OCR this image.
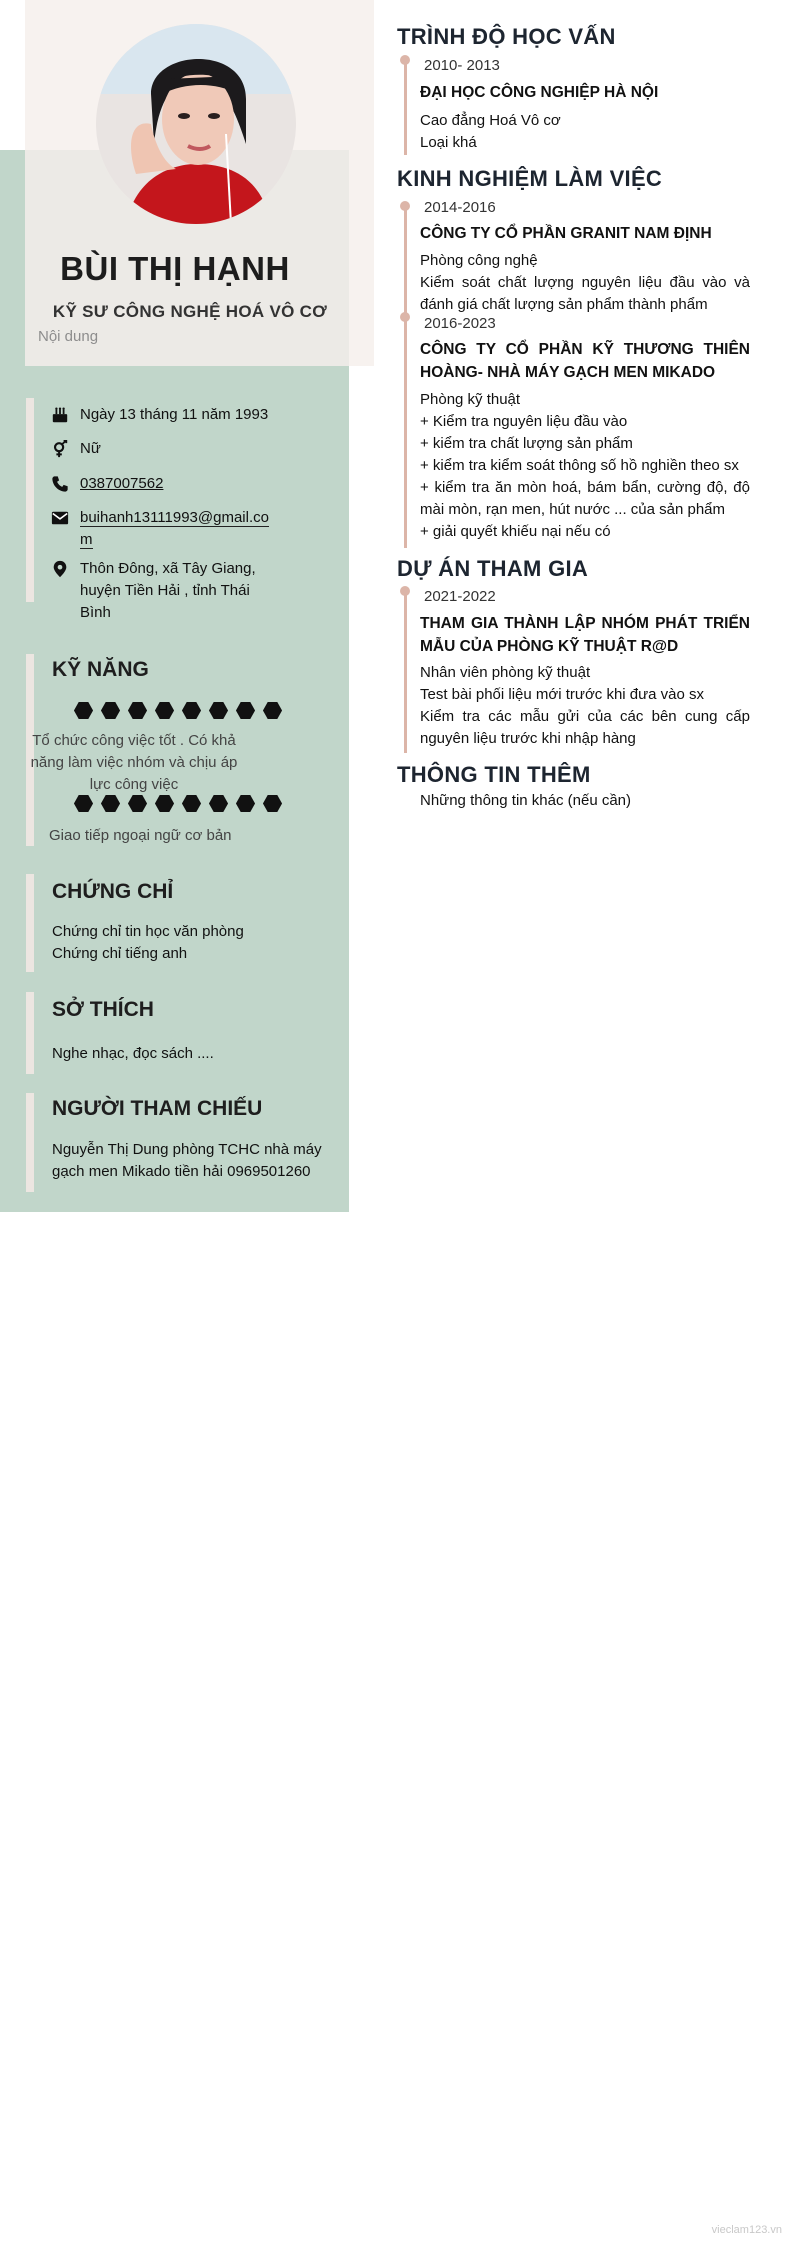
BÙI THỊ HẠNH
KỸ SƯ CÔNG NGHỆ HOÁ VÔ CƠ
Nội dung
Ngày 13 tháng 11 năm 1993
Nữ
0387007562
buihanh13111993@gmail.com
Thôn Đông, xã Tây Giang, huyện Tiền Hải , tỉnh Thái Bình
KỸ NĂNG
Tổ chức công việc tốt . Có khả năng làm việc nhóm và chịu áp lực công việc
Giao tiếp ngoại ngữ cơ bản
CHỨNG CHỈ
Chứng chỉ tin học văn phòng
Chứng chỉ tiếng anh
SỞ THÍCH
Nghe nhạc, đọc sách ....
NGƯỜI THAM CHIẾU
Nguyễn Thị Dung phòng TCHC nhà máy gạch men Mikado tiền hải 0969501260
TRÌNH ĐỘ HỌC VẤN
2010- 2013
ĐẠI HỌC CÔNG NGHIỆP HÀ NỘI
Cao đẳng Hoá Vô cơ
Loại khá
KINH NGHIỆM LÀM VIỆC
2014-2016
CÔNG TY CỔ PHẦN GRANIT NAM ĐỊNH
Phòng công nghệ
Kiểm soát chất lượng nguyên liệu đầu vào và đánh giá chất lượng sản phẩm thành phẩm
2016-2023
CÔNG TY CỔ PHẦN KỸ THƯƠNG THIÊN HOÀNG- NHÀ MÁY GẠCH MEN MIKADO
Phòng kỹ thuật
+ Kiểm tra nguyên liệu đầu vào
+ kiểm tra chất lượng sản phẩm
+ kiểm tra kiểm soát thông số hồ nghiền theo sx
+ kiểm tra ăn mòn hoá, bám bẩn, cường độ, độ mài mòn, rạn men, hút nước ... của sản phẩm
+ giải quyết khiếu nại nếu có
DỰ ÁN THAM GIA
2021-2022
THAM GIA THÀNH LẬP NHÓM PHÁT TRIỂN MẪU CỦA PHÒNG KỸ THUẬT R@D
Nhân viên phòng kỹ thuật
Test bài phối liệu mới trước khi đưa vào sx
Kiểm tra các mẫu gửi của các bên cung cấp nguyên liệu trước khi nhập hàng
THÔNG TIN THÊM
Những thông tin khác (nếu cần)
vieclam123.vn
